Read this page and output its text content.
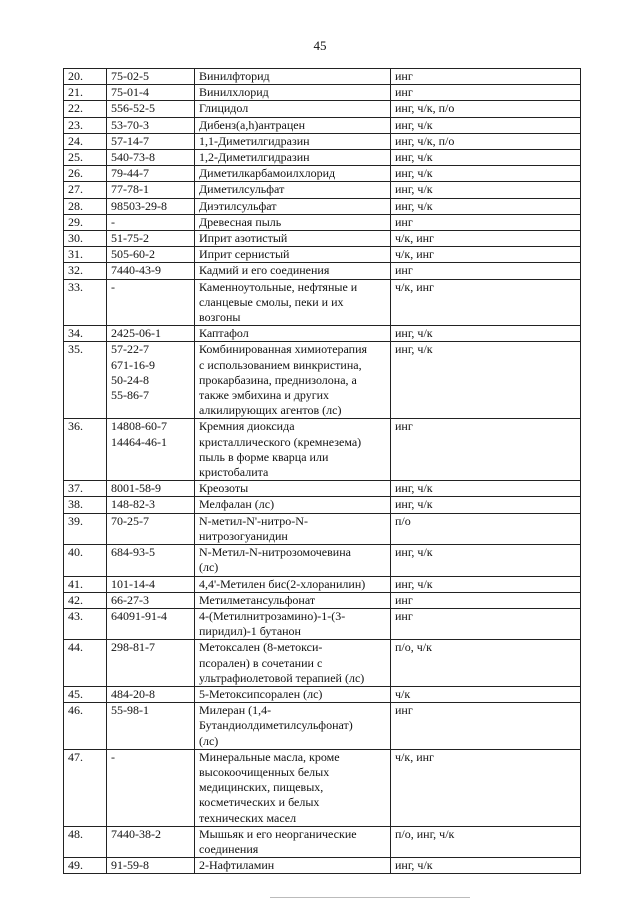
45
20.	75-02-5	Винилфторид	инг
21.	75-01-4	Винилхлорид	инг
22.	556-52-5	Глицидол	инг, ч/к, п/о
23.	53-70-3	Дибенз(a,h)антрацен	инг, ч/к
24.	57-14-7	1,1-Диметилгидразин	инг, ч/к, п/о
25.	540-73-8	1,2-Диметилгидразин	инг, ч/к
26.	79-44-7	Диметилкарбамоилхлорид	инг, ч/к
27.	77-78-1	Диметилсульфат	инг, ч/к
28.	98503-29-8	Диэтилсульфат	инг, ч/к
29.	-	Древесная пыль	инг
30.	51-75-2	Иприт азотистый	ч/к, инг
31.	505-60-2	Иприт сернистый	ч/к, инг
32.	7440-43-9	Кадмий и его соединения	инг
33.	-	Каменноутольные, нефтяные и
сланцевые смолы, пеки и их
возгоны	ч/к, инг
34.	2425-06-1	Каптафол	инг, ч/к
35.	57-22-7
671-16-9
50-24-8
55-86-7	Комбинированная химиотерапия
с использованием винкристина,
прокарбазина, преднизолона, а
также эмбихина и других
алкилирующих агентов (лс)	инг, ч/к
36.	14808-60-7
14464-46-1	Кремния диоксида
кристаллического (кремнезема)
пыль в форме кварца или
кристобалита	инг
37.	8001-58-9	Креозоты	инг, ч/к
38.	148-82-3	Мелфалан (лс)	инг, ч/к
39.	70-25-7	N-метил-N'-нитро-N-
нитрозогуанидин	п/о
40.	684-93-5	N-Метил-N-нитрозомочевина
(лс)	инг, ч/к
41.	101-14-4	4,4'-Метилен бис(2-хлоранилин)	инг, ч/к
42.	66-27-3	Метилметансульфонат	инг
43.	64091-91-4	4-(Метилнитрозамино)-1-(3-
пиридил)-1 бутанон	инг
44.	298-81-7	Метоксален (8-метокси-
псорален) в сочетании с
ультрафиолетовой терапией (лс)	п/о, ч/к
45.	484-20-8	5-Метоксипсорален (лс)	ч/к
46.	55-98-1	Милеран (1,4-
Бутандиолдиметилсульфонат)
(лс)	инг
47.	-	Минеральные масла, кроме
высокоочищенных белых
медицинских, пищевых,
косметических и белых
технических масел	ч/к, инг
48.	7440-38-2	Мышьяк и его неорганические
соединения	п/о, инг, ч/к
49.	91-59-8	2-Нафтиламин	инг, ч/к
